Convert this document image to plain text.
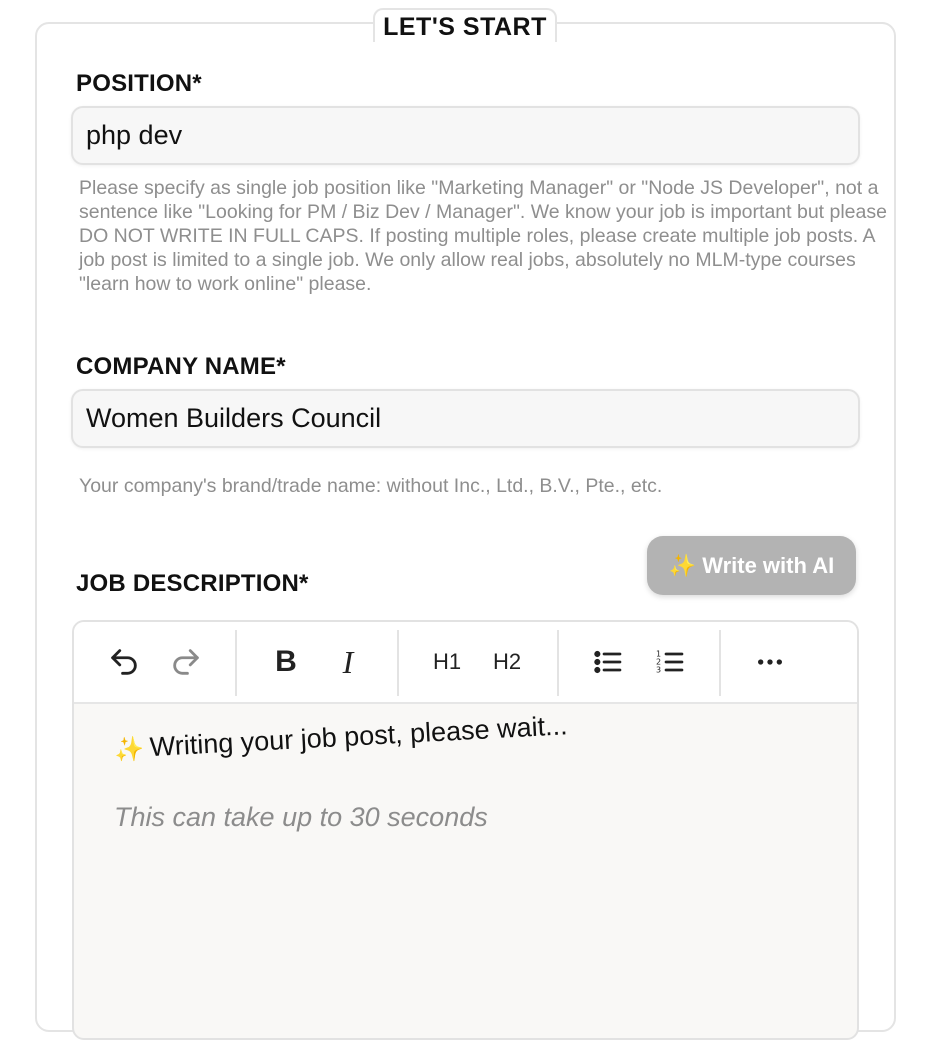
LET'S START
POSITION*
php dev
Please specify as single job position like "Marketing Manager" or "Node JS Developer", not a sentence like "Looking for PM / Biz Dev / Manager". We know your job is important but please DO NOT WRITE IN FULL CAPS. If posting multiple roles, please create multiple job posts. A job post is limited to a single job. We only allow real jobs, absolutely no MLM-type courses "learn how to work online" please.
COMPANY NAME*
Women Builders Council
Your company's brand/trade name: without Inc., Ltd., B.V., Pte., etc.
JOB DESCRIPTION*
✨ Write with AI
B	I	H1	H2	1
2
3
✨ Writing your job post, please wait...
This can take up to 30 seconds
